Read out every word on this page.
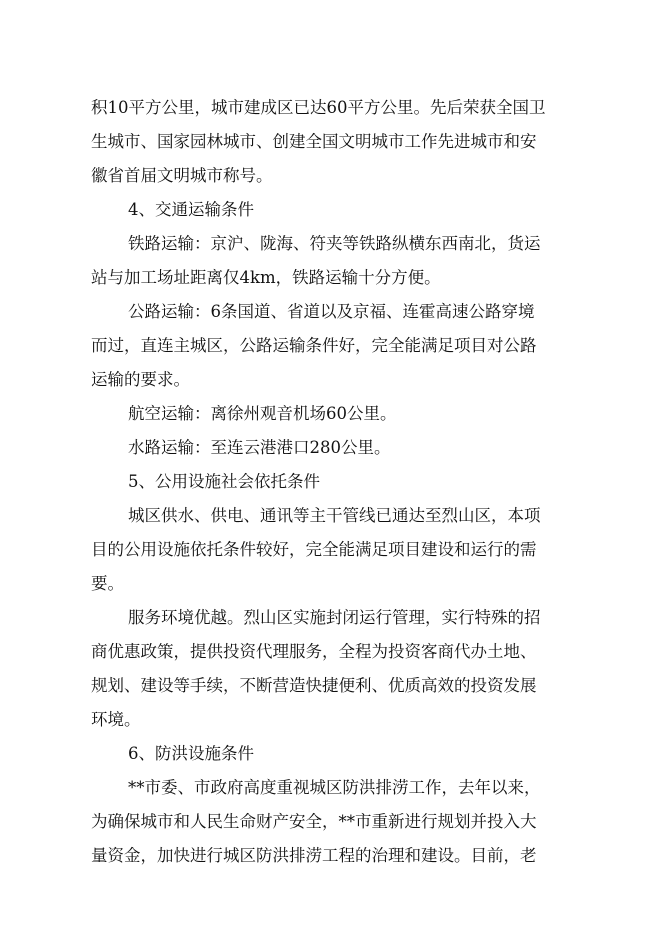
积10平方公里，城市建成区已达60平方公里。先后荣获全国卫
生城市、国家园林城市、创建全国文明城市工作先进城市和安
徽省首届文明城市称号。
4、交通运输条件
铁路运输：京沪、陇海、符夹等铁路纵横东西南北，货运
站与加工场址距离仅4km，铁路运输十分方便。
公路运输：6条国道、省道以及京福、连霍高速公路穿境
而过，直连主城区，公路运输条件好，完全能满足项目对公路
运输的要求。
航空运输：离徐州观音机场60公里。
水路运输：至连云港港口280公里。
5、公用设施社会依托条件
城区供水、供电、通讯等主干管线已通达至烈山区，本项
目的公用设施依托条件较好，完全能满足项目建设和运行的需
要。
服务环境优越。烈山区实施封闭运行管理，实行特殊的招
商优惠政策，提供投资代理服务，全程为投资客商代办土地、
规划、建设等手续，不断营造快捷便利、优质高效的投资发展
环境。
6、防洪设施条件
**市委、市政府高度重视城区防洪排涝工作，去年以来，
为确保城市和人民生命财产安全，**市重新进行规划并投入大
量资金，加快进行城区防洪排涝工程的治理和建设。目前，老
